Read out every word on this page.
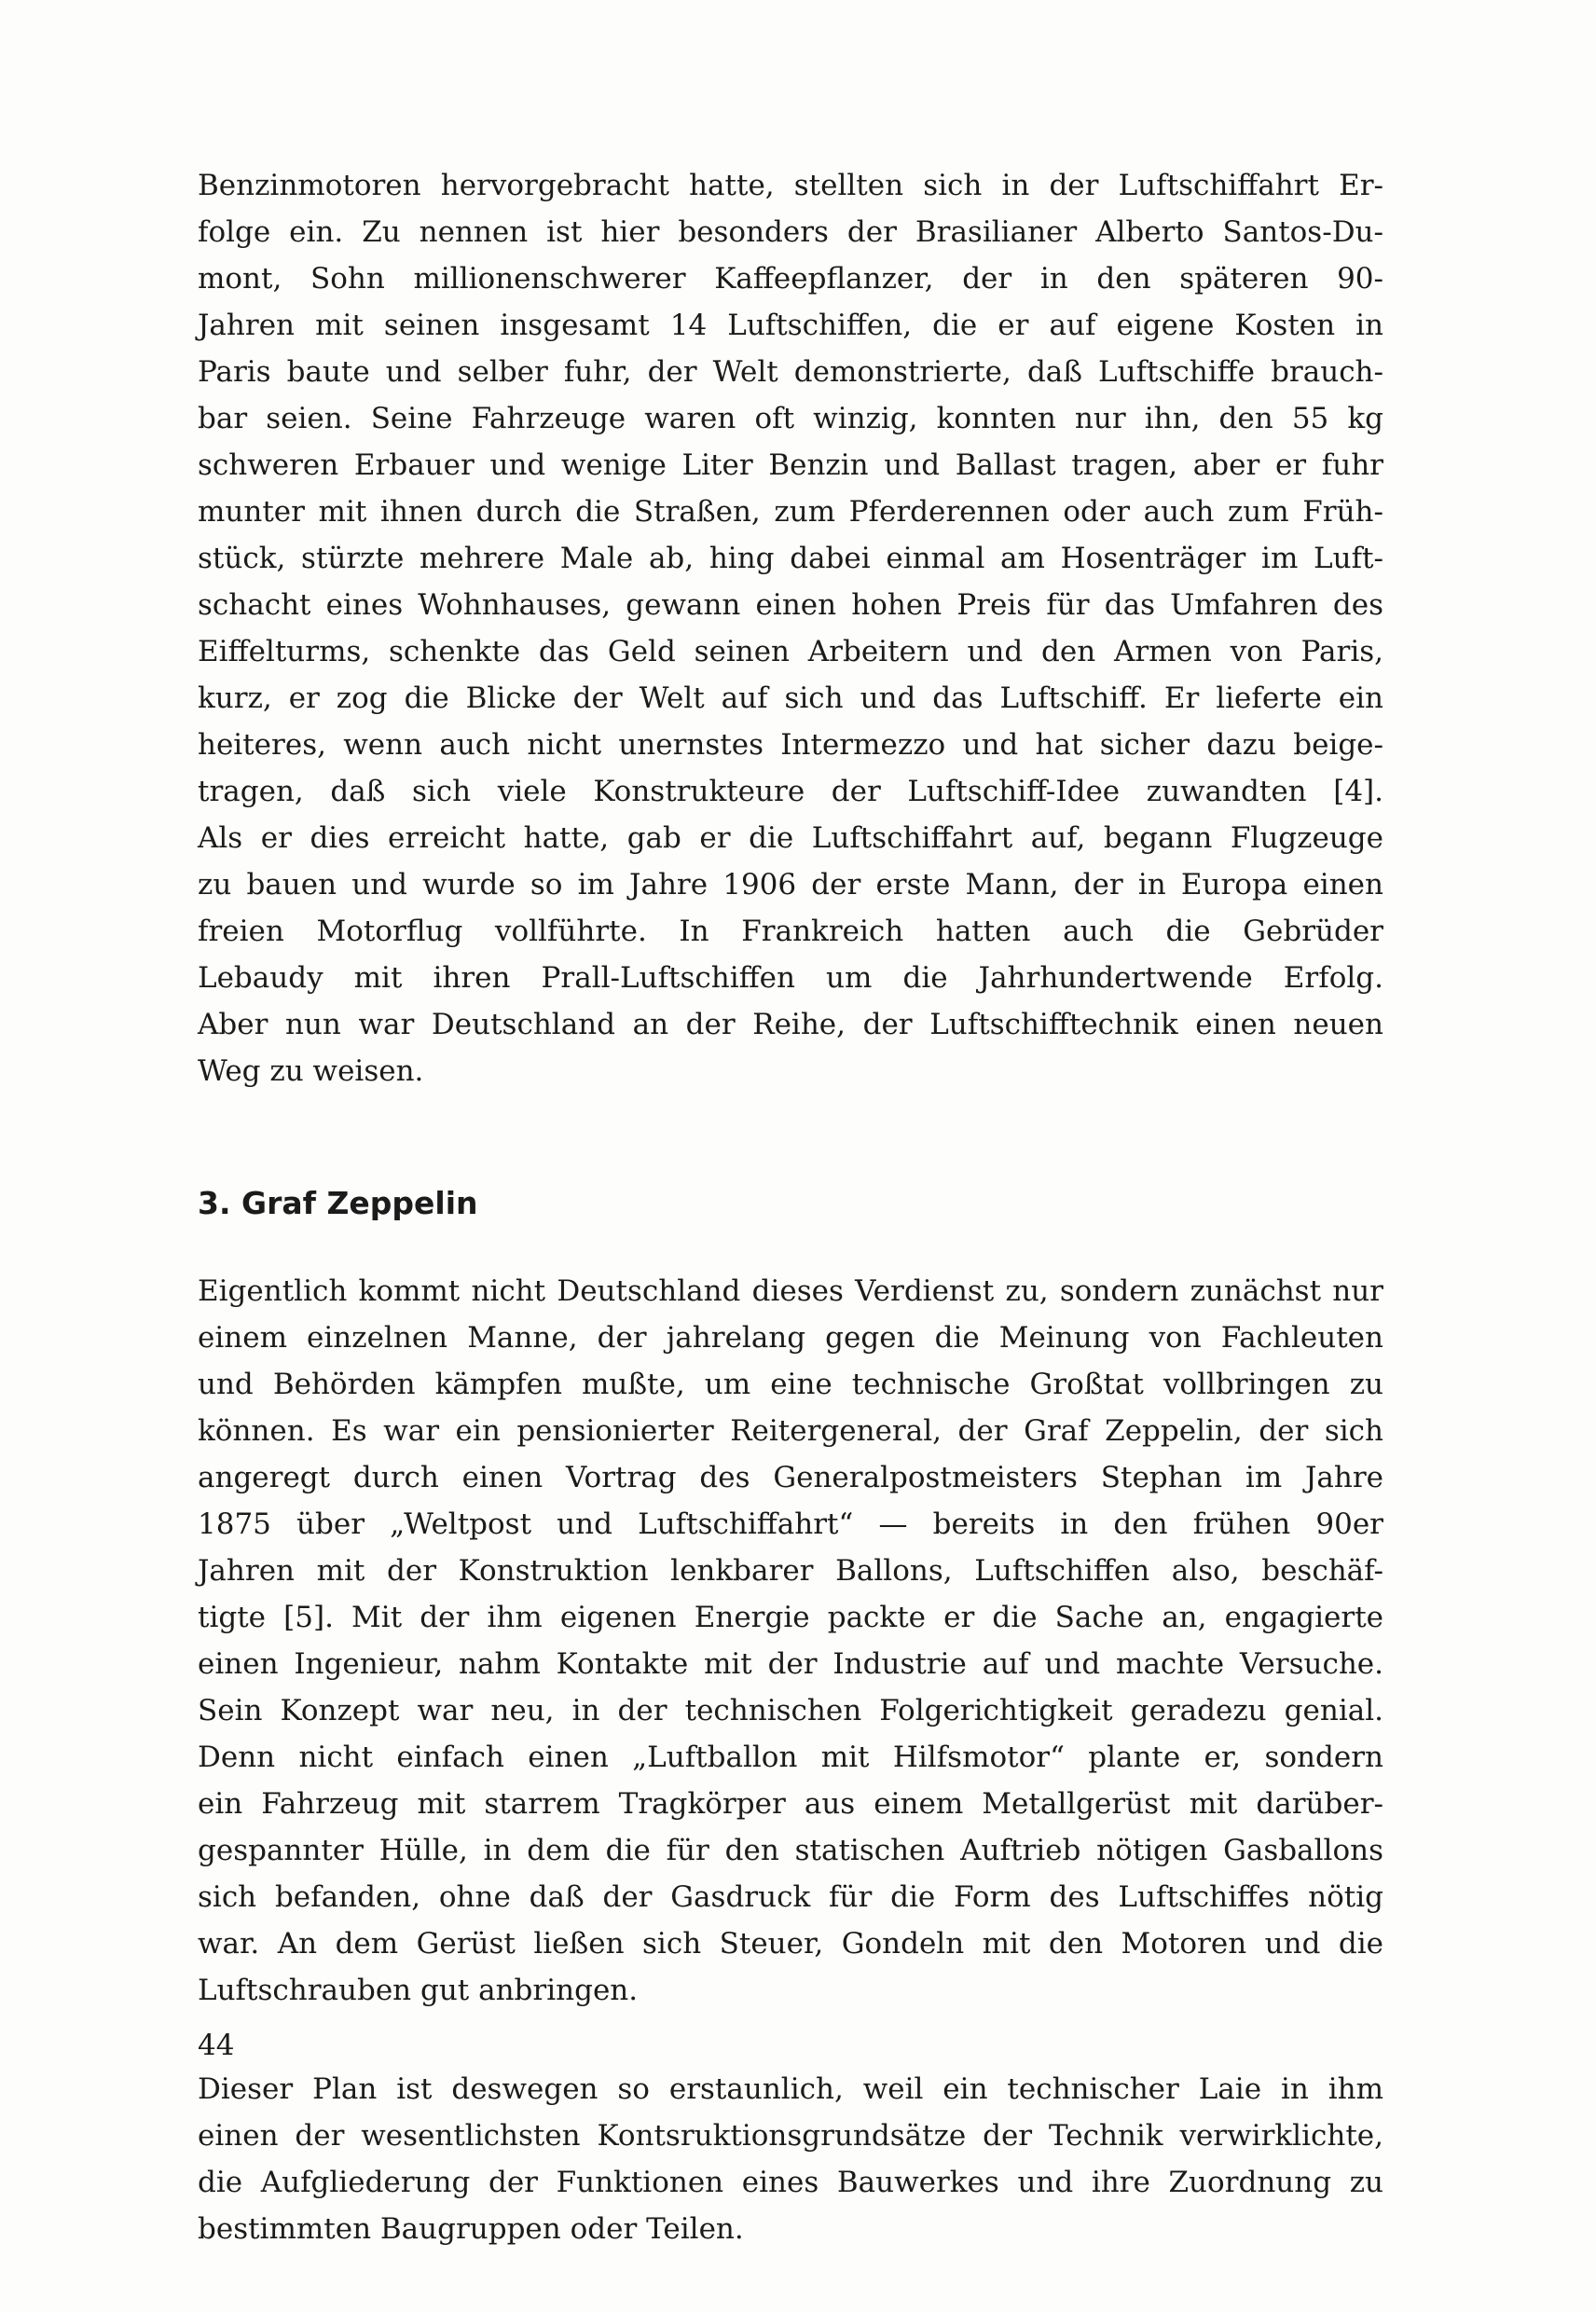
Benzinmotoren hervorgebracht hatte, stellten sich in der Luftschiffahrt Er-
folge ein. Zu nennen ist hier besonders der Brasilianer Alberto Santos-Du-
mont, Sohn millionenschwerer Kaffeepflanzer, der in den späteren 90-
Jahren mit seinen insgesamt 14 Luftschiffen, die er auf eigene Kosten in
Paris baute und selber fuhr, der Welt demonstrierte, daß Luftschiffe brauch-
bar seien. Seine Fahrzeuge waren oft winzig, konnten nur ihn, den 55 kg
schweren Erbauer und wenige Liter Benzin und Ballast tragen, aber er fuhr
munter mit ihnen durch die Straßen, zum Pferderennen oder auch zum Früh-
stück, stürzte mehrere Male ab, hing dabei einmal am Hosenträger im Luft-
schacht eines Wohnhauses, gewann einen hohen Preis für das Umfahren des
Eiffelturms, schenkte das Geld seinen Arbeitern und den Armen von Paris,
kurz, er zog die Blicke der Welt auf sich und das Luftschiff. Er lieferte ein
heiteres, wenn auch nicht unernstes Intermezzo und hat sicher dazu beige-
tragen, daß sich viele Konstrukteure der Luftschiff-Idee zuwandten [4].
Als er dies erreicht hatte, gab er die Luftschiffahrt auf, begann Flugzeuge
zu bauen und wurde so im Jahre 1906 der erste Mann, der in Europa einen
freien Motorflug vollführte. In Frankreich hatten auch die Gebrüder
Lebaudy mit ihren Prall-Luftschiffen um die Jahrhundertwende Erfolg.
Aber nun war Deutschland an der Reihe, der Luftschifftechnik einen neuen
Weg zu weisen.

3. Graf Zeppelin

Eigentlich kommt nicht Deutschland dieses Verdienst zu, sondern zunächst nur
einem einzelnen Manne, der jahrelang gegen die Meinung von Fachleuten
und Behörden kämpfen mußte, um eine technische Großtat vollbringen zu
können. Es war ein pensionierter Reitergeneral, der Graf Zeppelin, der sich
angeregt durch einen Vortrag des Generalpostmeisters Stephan im Jahre
1875 über „Weltpost und Luftschiffahrt“ — bereits in den frühen 90er
Jahren mit der Konstruktion lenkbarer Ballons, Luftschiffen also, beschäf-
tigte [5]. Mit der ihm eigenen Energie packte er die Sache an, engagierte
einen Ingenieur, nahm Kontakte mit der Industrie auf und machte Versuche.
Sein Konzept war neu, in der technischen Folgerichtigkeit geradezu genial.
Denn nicht einfach einen „Luftballon mit Hilfsmotor“ plante er, sondern
ein Fahrzeug mit starrem Tragkörper aus einem Metallgerüst mit darüber-
gespannter Hülle, in dem die für den statischen Auftrieb nötigen Gasballons
sich befanden, ohne daß der Gasdruck für die Form des Luftschiffes nötig
war. An dem Gerüst ließen sich Steuer, Gondeln mit den Motoren und die
Luftschrauben gut anbringen.

Dieser Plan ist deswegen so erstaunlich, weil ein technischer Laie in ihm
einen der wesentlichsten Kontsruktionsgrundsätze der Technik verwirklichte,
die Aufgliederung der Funktionen eines Bauwerkes und ihre Zuordnung zu
bestimmten Baugruppen oder Teilen.

44
